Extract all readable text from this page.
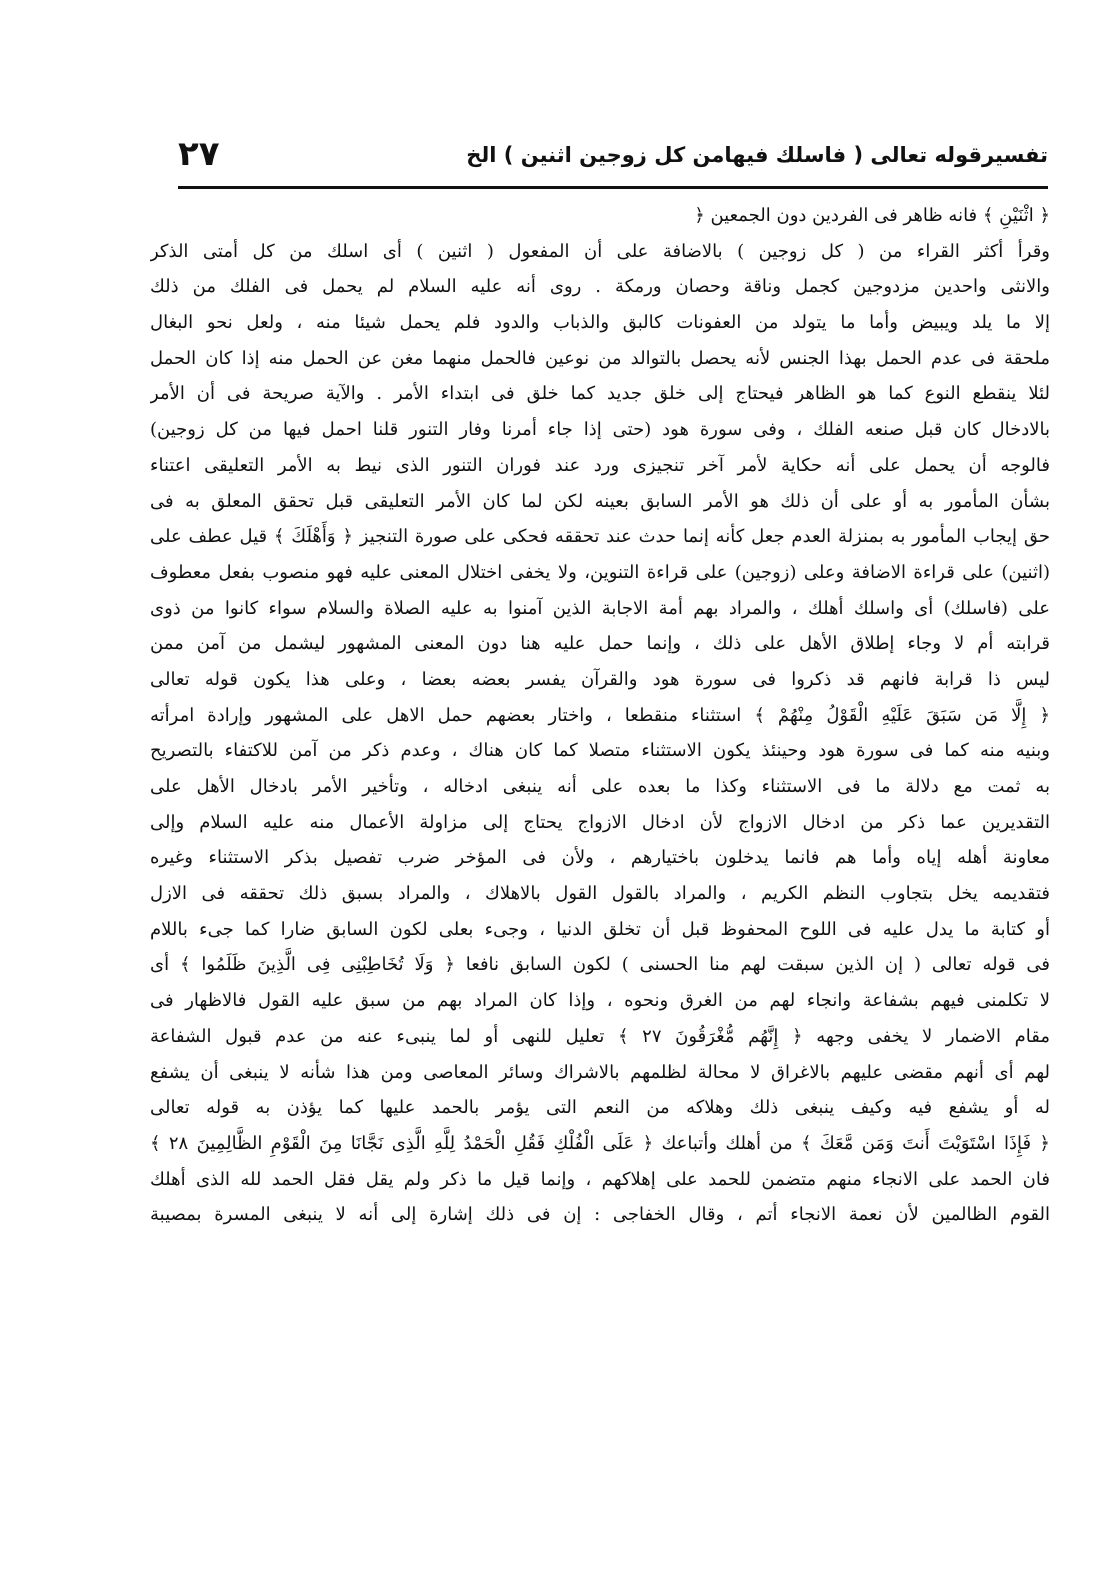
٢٧	تفسيرقوله تعالى ( فاسلك فيهامن كل زوجين اثنين ) الخ
﴿ اثْنَيْنِ ﴾ فانه ظاهر فى الفردين دون الجمعين ﴿
وقرأ أكثر القراء من ( كل زوجين ) بالاضافة على أن المفعول ( اثنين ) أى اسلك من كل أمتى الذكر
والانثى واحدين مزدوجين كجمل وناقة وحصان ورمكة . روى أنه عليه السلام لم يحمل فى الفلك من ذلك
إلا ما يلد ويبيض وأما ما يتولد من العفونات كالبق والذباب والدود فلم يحمل شيئا منه ، ولعل نحو البغال
ملحقة فى عدم الحمل بهذا الجنس لأنه يحصل بالتوالد من نوعين فالحمل منهما مغن عن الحمل منه إذا كان الحمل
لئلا ينقطع النوع كما هو الظاهر فيحتاج إلى خلق جديد كما خلق فى ابتداء الأمر . والآية صريحة فى أن الأمر
بالادخال كان قبل صنعه الفلك ، وفى سورة هود (حتى إذا جاء أمرنا وفار التنور قلنا احمل فيها من كل زوجين)
فالوجه أن يحمل على أنه حكاية لأمر آخر تنجيزى ورد عند فوران التنور الذى نيط به الأمر التعليقى اعتناء
بشأن المأمور به أو على أن ذلك هو الأمر السابق بعينه لكن لما كان الأمر التعليقى قبل تحقق المعلق به فى
حق إيجاب المأمور به بمنزلة العدم جعل كأنه إنما حدث عند تحققه فحكى على صورة التنجيز ﴿ وَأَهْلَكَ ﴾ قيل عطف على
(اثنين) على قراءة الاضافة وعلى (زوجين) على قراءة التنوين، ولا يخفى اختلال المعنى عليه فهو منصوب بفعل معطوف
على (فاسلك) أى واسلك أهلك ، والمراد بهم أمة الاجابة الذين آمنوا به عليه الصلاة والسلام سواء كانوا من ذوى
قرابته أم لا وجاء إطلاق الأهل على ذلك ، وإنما حمل عليه هنا دون المعنى المشهور ليشمل من آمن ممن
ليس ذا قرابة فانهم قد ذكروا فى سورة هود والقرآن يفسر بعضه بعضا ، وعلى هذا يكون قوله تعالى
﴿ إِلَّا مَن سَبَقَ عَلَيْهِ الْقَوْلُ مِنْهُمْ ﴾ استثناء منقطعا ، واختار بعضهم حمل الاهل على المشهور وإرادة امرأته
وبنيه منه كما فى سورة هود وحينئذ يكون الاستثناء متصلا كما كان هناك ، وعدم ذكر من آمن للاكتفاء بالتصريح
به ثمت مع دلالة ما فى الاستثناء وكذا ما بعده على أنه ينبغى ادخاله ، وتأخير الأمر بادخال الأهل على
التقديرين عما ذكر من ادخال الازواج لأن ادخال الازواج يحتاج إلى مزاولة الأعمال منه عليه السلام وإلى
معاونة أهله إياه وأما هم فانما يدخلون باختيارهم ، ولأن فى المؤخر ضرب تفصيل بذكر الاستثناء وغيره
فتقديمه يخل بتجاوب النظم الكريم ، والمراد بالقول القول بالاهلاك ، والمراد بسبق ذلك تحققه فى الازل
أو كتابة ما يدل عليه فى اللوح المحفوظ قبل أن تخلق الدنيا ، وجىء بعلى لكون السابق ضارا كما جىء باللام
فى قوله تعالى ( إن الذين سبقت لهم منا الحسنى ) لكون السابق نافعا ﴿ وَلَا تُخَاطِبْنِى فِى الَّذِينَ ظَلَمُوا ﴾ أى
لا تكلمنى فيهم بشفاعة وانجاء لهم من الغرق ونحوه ، وإذا كان المراد بهم من سبق عليه القول فالاظهار فى
مقام الاضمار لا يخفى وجهه ﴿ إِنَّهُم مُّغْرَقُونَ ٢٧ ﴾ تعليل للنهى أو لما ينبىء عنه من عدم قبول الشفاعة
لهم أى أنهم مقضى عليهم بالاغراق لا محالة لظلمهم بالاشراك وسائر المعاصى ومن هذا شأنه لا ينبغى أن يشفع
له أو يشفع فيه وكيف ينبغى ذلك وهلاكه من النعم التى يؤمر بالحمد عليها كما يؤذن به قوله تعالى
﴿ فَإِذَا اسْتَوَيْتَ أَنتَ وَمَن مَّعَكَ ﴾ من أهلك وأتباعك ﴿ عَلَى الْفُلْكِ فَقُلِ الْحَمْدُ لِلَّهِ الَّذِى نَجَّانَا مِنَ الْقَوْمِ الظَّالِمِينَ ٢٨ ﴾
فان الحمد على الانجاء منهم متضمن للحمد على إهلاكهم ، وإنما قيل ما ذكر ولم يقل فقل الحمد لله الذى أهلك
القوم الظالمين لأن نعمة الانجاء أتم ، وقال الخفاجى : إن فى ذلك إشارة إلى أنه لا ينبغى المسرة بمصيبة
